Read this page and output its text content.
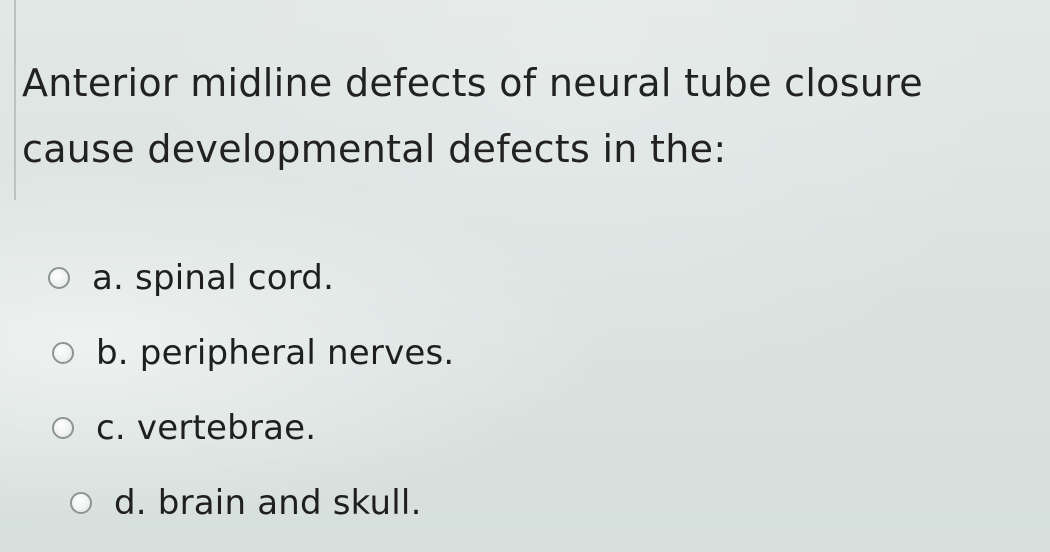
Anterior midline defects of neural tube closure cause developmental defects in the:

a. spinal cord.
b. peripheral nerves.
c. vertebrae.
d. brain and skull.
